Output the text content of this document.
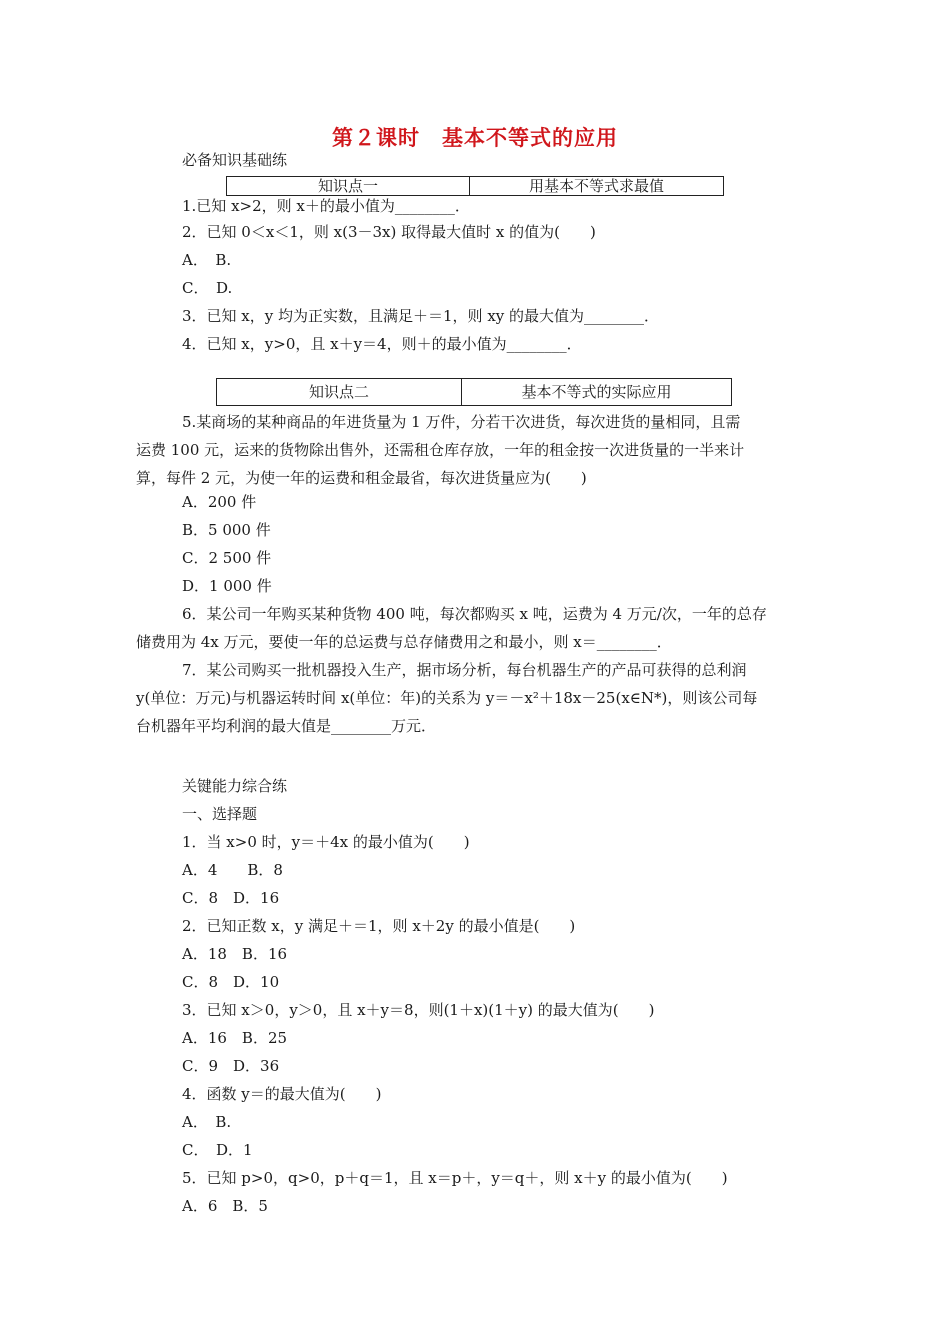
第２课时　基本不等式的应用
必备知识基础练
知识点一	用基本不等式求最值
1.已知 x>2，则 x＋的最小值为________．
2．已知 0＜x＜1，则 x(3－3x) 取得最大值时 x 的值为(　　)
A．　B.
C．　D.
3．已知 x，y 均为正实数，且满足＋＝1，则 xy 的最大值为________．
4．已知 x，y>0，且 x＋y＝4，则＋的最小值为________．
知识点二	基本不等式的实际应用

5.某商场的某种商品的年进货量为 1 万件，分若干次进货，每次进货的量相同，且需

运费 100 元，运来的货物除出售外，还需租仓库存放，一年的租金按一次进货量的一半来计

算，每件 2 元，为使一年的运费和租金最省，每次进货量应为(　　)

A．200 件
B．5 000 件
C．2 500 件
D．1 000 件

6．某公司一年购买某种货物 400 吨，每次都购买 x 吨，运费为 4 万元/次，一年的总存

储费用为 4x 万元，要使一年的总运费与总存储费用之和最小，则 x＝________．

7．某公司购买一批机器投入生产，据市场分析，每台机器生产的产品可获得的总利润

y(单位：万元)与机器运转时间 x(单位：年)的关系为 y＝－x²＋18x－25(x∈N*)，则该公司每

台机器年平均利润的最大值是________万元．

关键能力综合练
一、选择题
1．当 x>0 时，y＝＋4x 的最小值为(　　)
A．4　　B．8
C．8　D．16
2．已知正数 x，y 满足＋＝1，则 x＋2y 的最小值是(　　)
A．18　B．16
C．8　D．10
3．已知 x＞0，y＞0，且 x＋y＝8，则(1＋x)(1＋y) 的最大值为(　　)
A．16　B．25
C．9　D．36
4．函数 y＝的最大值为(　　)
A．　B.
C．　D．1
5．已知 p>0，q>0，p＋q＝1，且 x＝p＋，y＝q＋，则 x＋y 的最小值为(　　)
A．6　B．5
